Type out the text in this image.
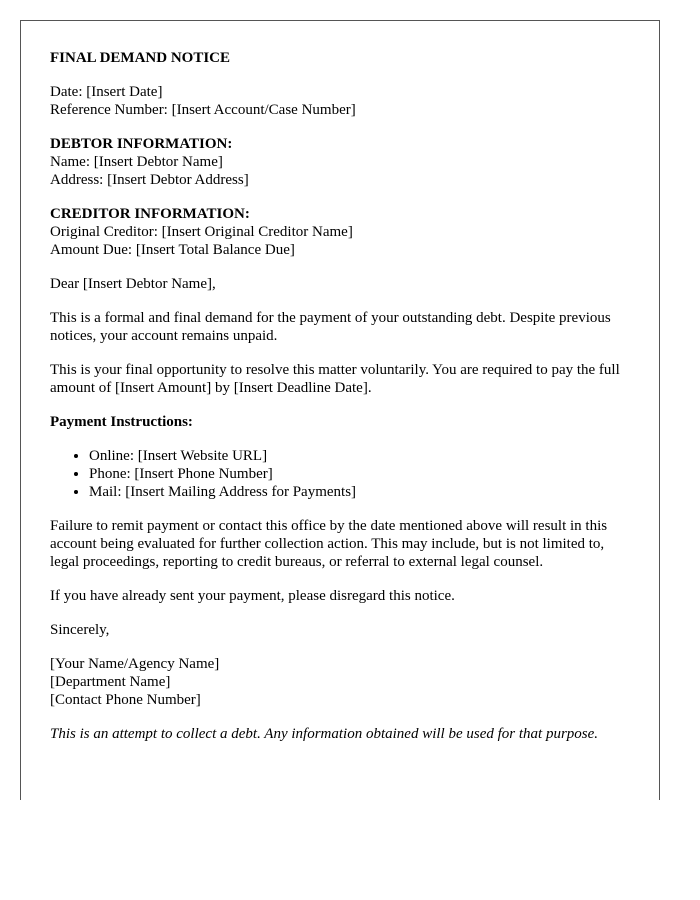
FINAL DEMAND NOTICE
Date: [Insert Date]
Reference Number: [Insert Account/Case Number]
DEBTOR INFORMATION:
Name: [Insert Debtor Name]
Address: [Insert Debtor Address]
CREDITOR INFORMATION:
Original Creditor: [Insert Original Creditor Name]
Amount Due: [Insert Total Balance Due]
Dear [Insert Debtor Name],
This is a formal and final demand for the payment of your outstanding debt. Despite previous notices, your account remains unpaid.
This is your final opportunity to resolve this matter voluntarily. You are required to pay the full amount of [Insert Amount] by [Insert Deadline Date].
Payment Instructions:
• Online: [Insert Website URL]
• Phone: [Insert Phone Number]
• Mail: [Insert Mailing Address for Payments]
Failure to remit payment or contact this office by the date mentioned above will result in this account being evaluated for further collection action. This may include, but is not limited to, legal proceedings, reporting to credit bureaus, or referral to external legal counsel.
If you have already sent your payment, please disregard this notice.
Sincerely,
[Your Name/Agency Name]
[Department Name]
[Contact Phone Number]
This is an attempt to collect a debt. Any information obtained will be used for that purpose.
